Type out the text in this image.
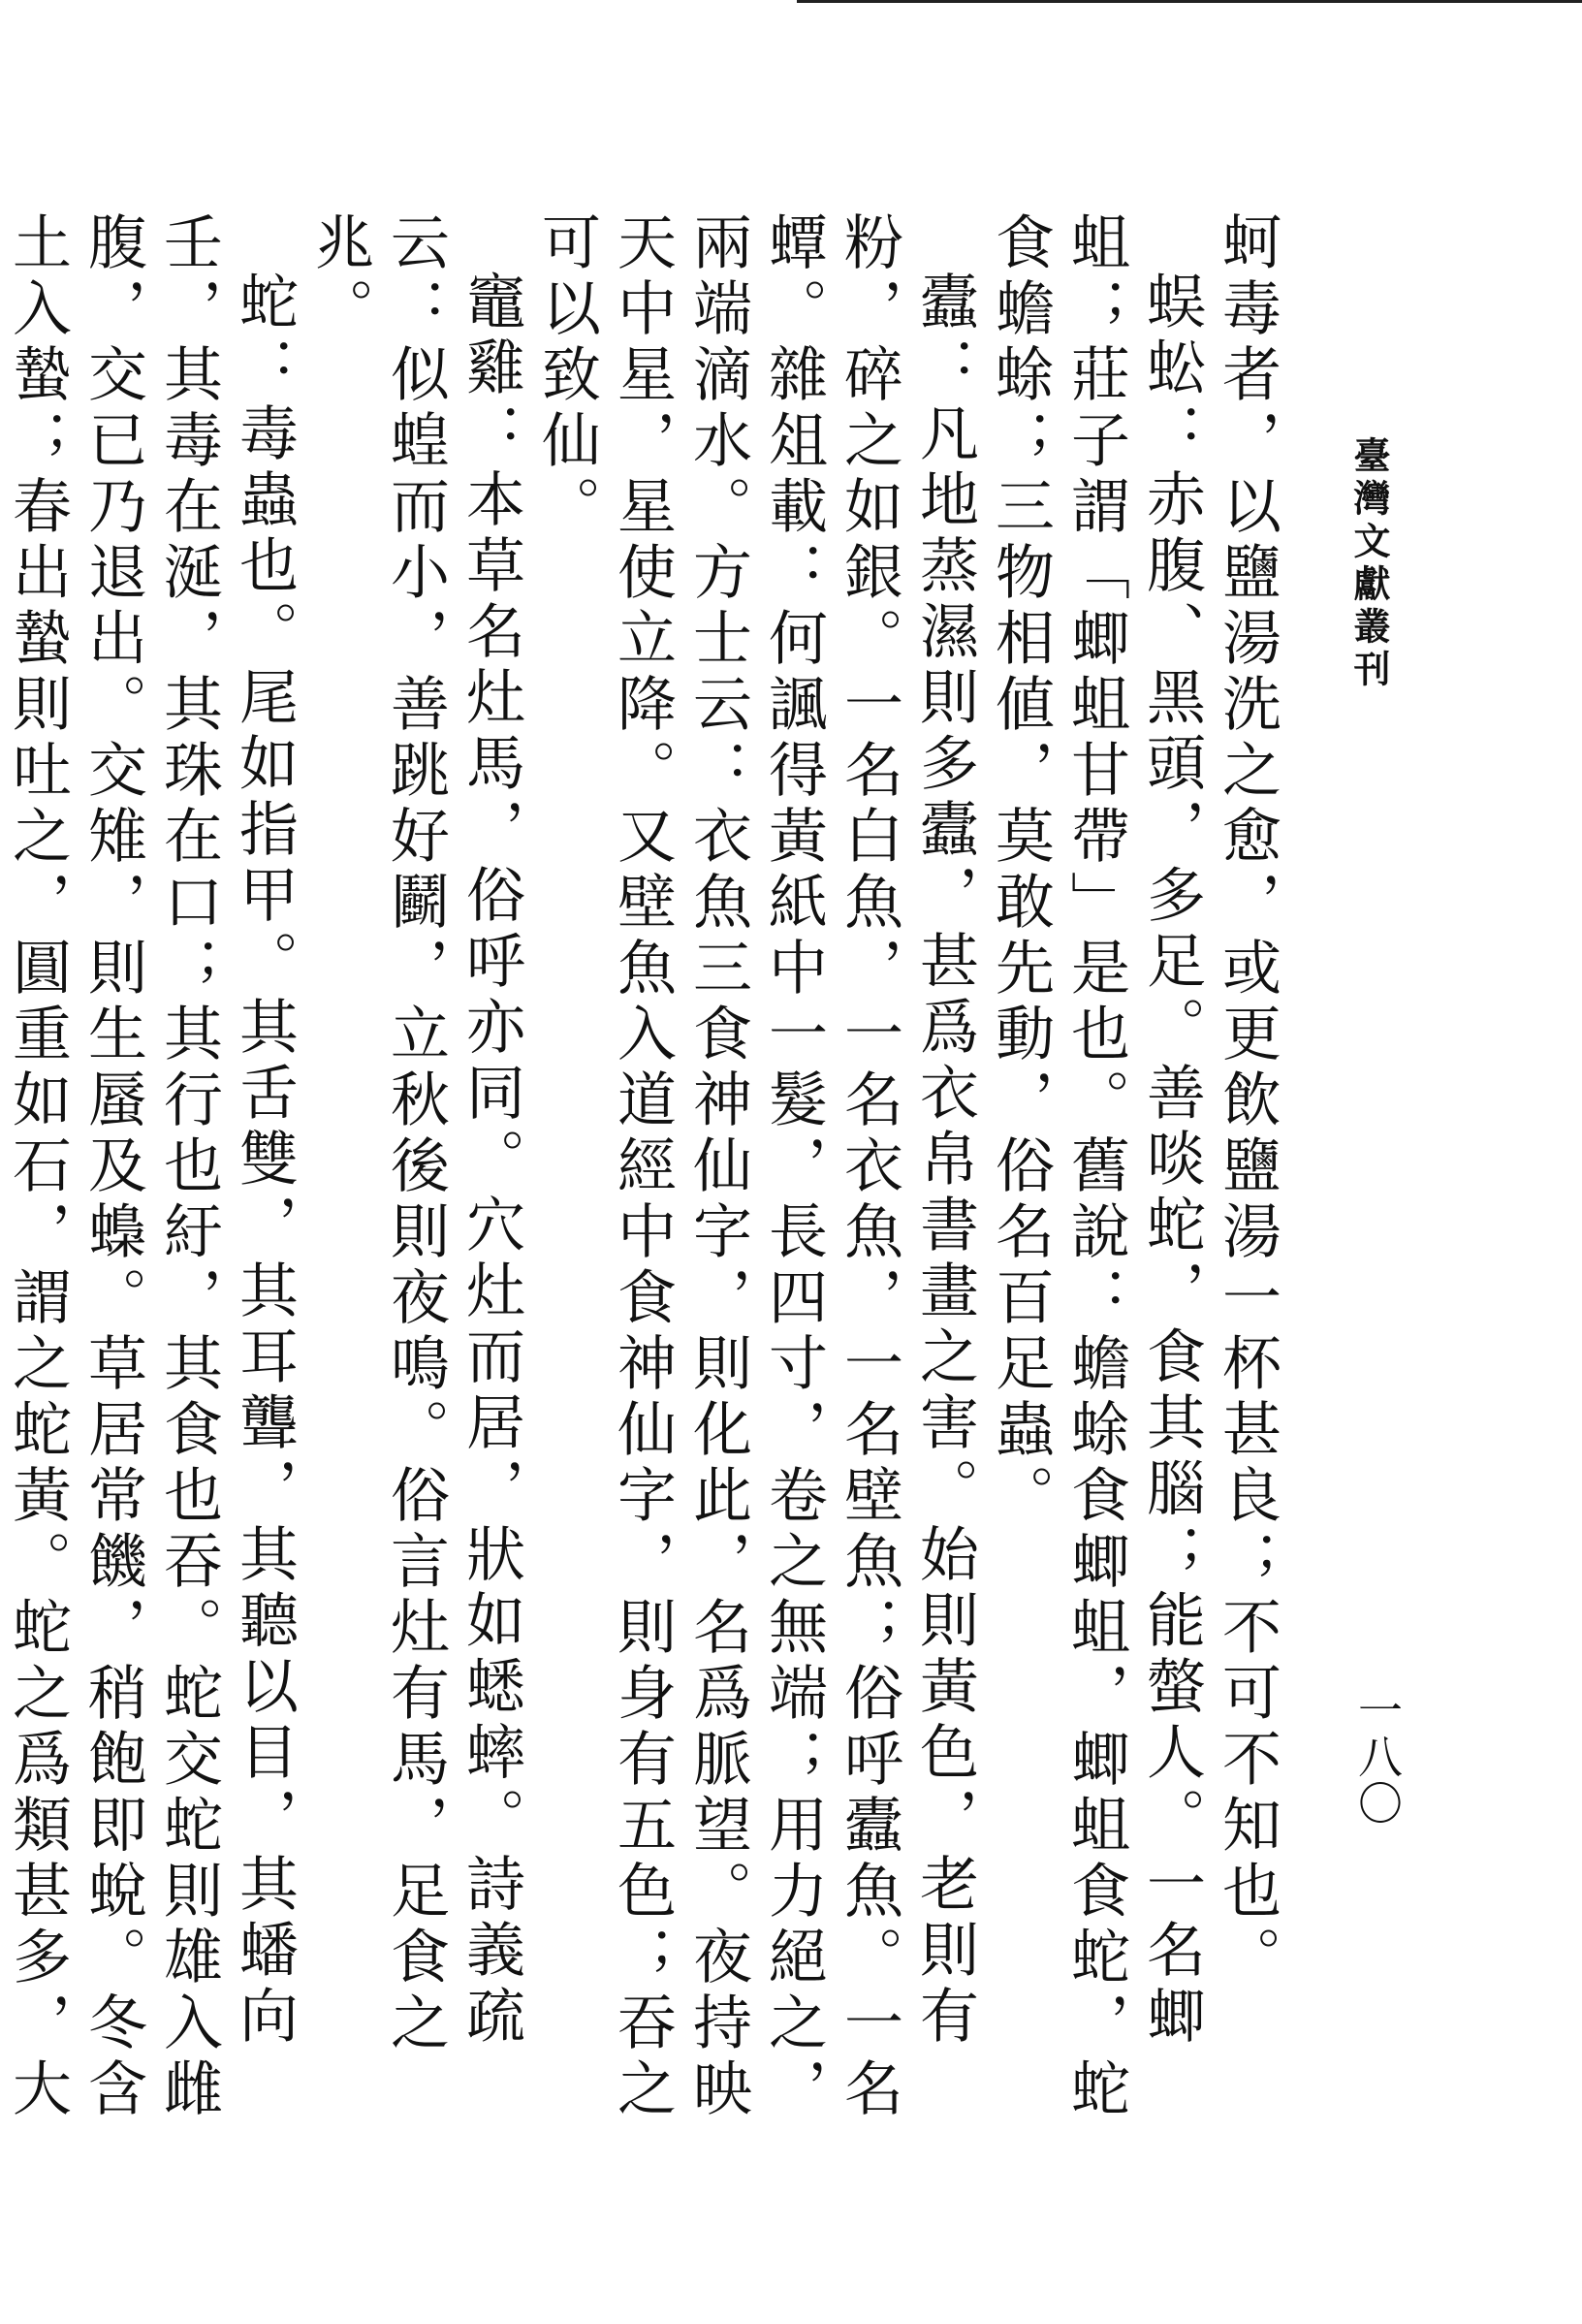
臺灣文獻叢刊
一八〇

蚵毒者，以鹽湯洗之愈，或更飲鹽湯一杯甚良；不可不知也。

蜈蚣：赤腹、黑頭，多足。善啖蛇，食其腦；能螫人。一名蝍蛆；莊子謂「蝍蛆甘帶」是也。舊說：蟾蜍食蝍蛆，蝍蛆食蛇，蛇食蟾蜍；三物相値，莫敢先動，俗名百足蟲。

蠹：凡地蒸濕則多蠹，甚爲衣帛書畫之害。始則黃色，老則有粉，碎之如銀。一名白魚，一名衣魚，一名壁魚；俗呼蠹魚。一名蟫。雜俎載：何諷得黃紙中一髮，長四寸，卷之無端；用力絕之，兩端滴水。方士云：衣魚三食神仙字，則化此，名爲脈望。夜持映天中星，星使立降。又壁魚入道經中食神仙字，則身有五色；吞之可以致仙。

竈雞：本草名灶馬，俗呼亦同。穴灶而居，狀如蟋蟀。詩義疏云：似蝗而小，善跳好鬬，立秋後則夜鳴。俗言灶有馬，足食之兆。

蛇：毒蟲也。尾如指甲。其舌雙，其耳聾，其聽以目，其蟠向壬，其毒在涎，其珠在口；其行也紆，其食也吞。蛇交蛇則雄入雌腹，交已乃退出。交雉，則生蜃及蟂。草居常饑，稍飽即蛻。冬含土入蟄；春出蟄則吐之，圓重如石，謂之蛇黃。蛇之爲類甚多，大
